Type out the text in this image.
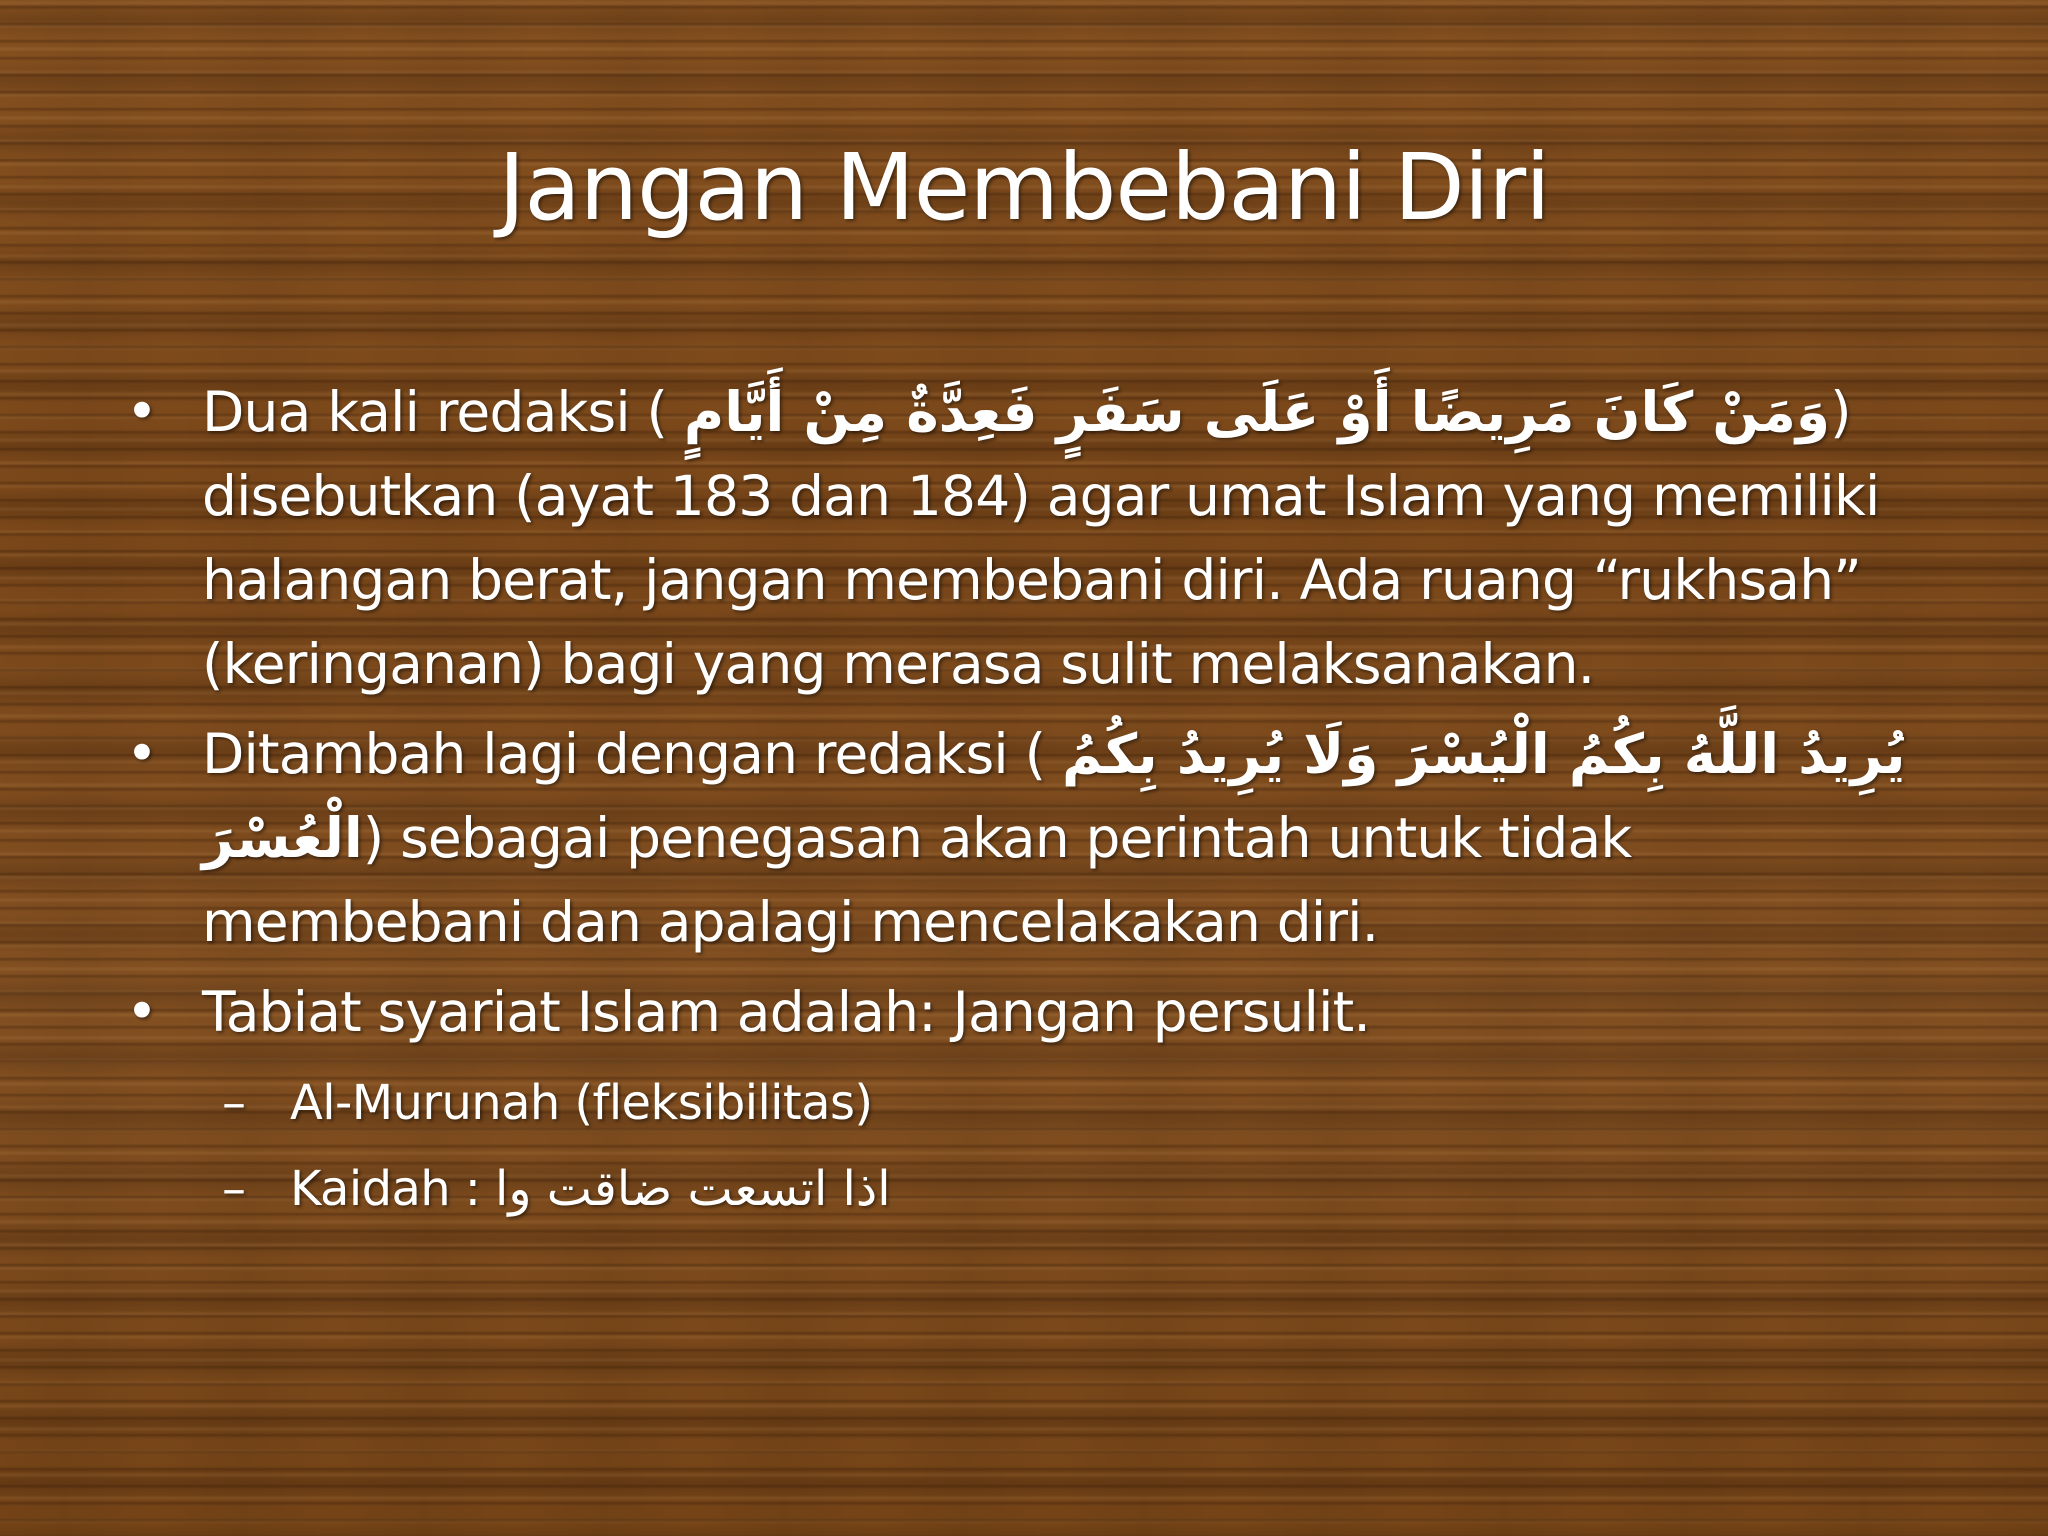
Jangan Membebani Diri
• Dua kali redaksi ( وَمَنْ كَانَ مَرِيضًا أَوْ عَلَى سَفَرٍ فَعِدَّةٌ مِنْ أَيَّامٍ) disebutkan (ayat 183 dan 184) agar umat Islam yang memiliki halangan berat, jangan membebani diri. Ada ruang “rukhsah” (keringanan) bagi yang merasa sulit melaksanakan.
• Ditambah lagi dengan redaksi ( يُرِيدُ اللَّهُ بِكُمُ الْيُسْرَ وَلَا يُرِيدُ بِكُمُ الْعُسْرَ) sebagai penegasan akan perintah untuk tidak membebani dan apalagi mencelakakan diri.
• Tabiat syariat Islam adalah: Jangan persulit.
– Al-Murunah (fleksibilitas)
– Kaidah : اذا اتسعت ضاقت وا
